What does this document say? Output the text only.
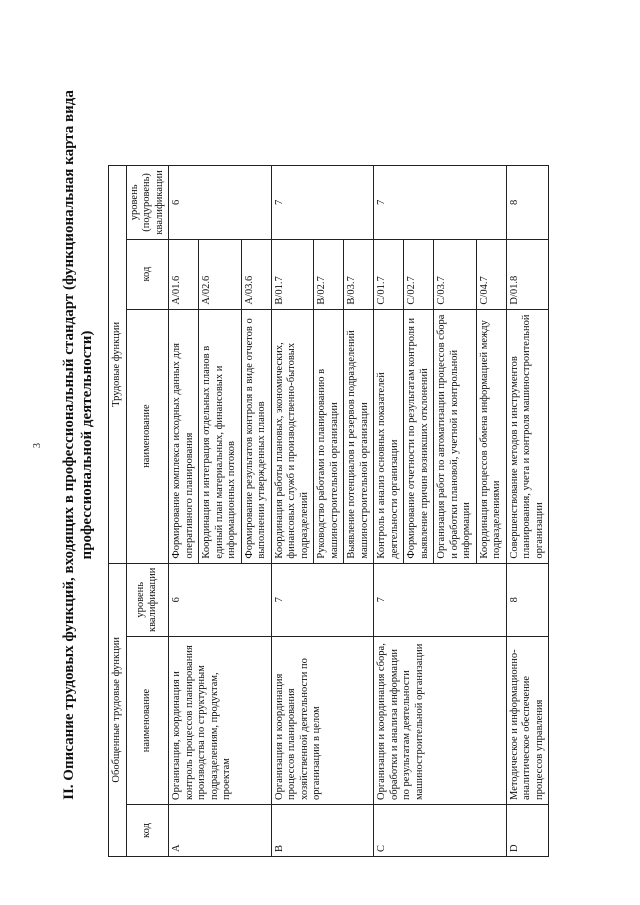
3 II. Описание трудовых функций, входящих в профессиональный стандарт (функциональная карта вида профессиональной деятельности)
Обобщенные трудовые функции			Трудовые функции		
код	наименование	уровень квалификации	наименование	код	уровень (подуровень) квалификации
A	Организация, координация и контроль процессов планирования производства по структурным подразделениям, продуктам, проектам	6	Формирование комплекса исходных данных для оперативного планирования	A/01.6	6
			Координация и интеграция отдельных планов в единый план материальных, финансовых и информационных потоков	A/02.6	
			Формирование результатов контроля в виде отчетов о выполнении утвержденных планов	A/03.6	
B	Организация и координация процессов планирования хозяйственной деятельности по организации в целом	7	Координация работы плановых, экономических, финансовых служб и производственно-бытовых подразделений	B/01.7	7
			Руководство работами по планированию в машиностроительной организации	B/02.7	
			Выявление потенциалов и резервов подразделений машиностроительной организации	B/03.7	
C	Организация и координация сбора, обработки и анализа информации по результатам деятельности машиностроительной организации	7	Контроль и анализ основных показателей деятельности организации	C/01.7	7
			Формирование отчетности по результатам контроля и выявление причин возникших отклонений	C/02.7	
			Организация работ по автоматизации процессов сбора и обработки плановой, учетной и контрольной информации	C/03.7	
			Координация процессов обмена информацией между подразделениями	C/04.7	
D	Методическое и информационно-аналитическое обеспечение процессов управления	8	Совершенствование методов и инструментов планирования, учета и контроля машиностроительной организации	D/01.8	8
